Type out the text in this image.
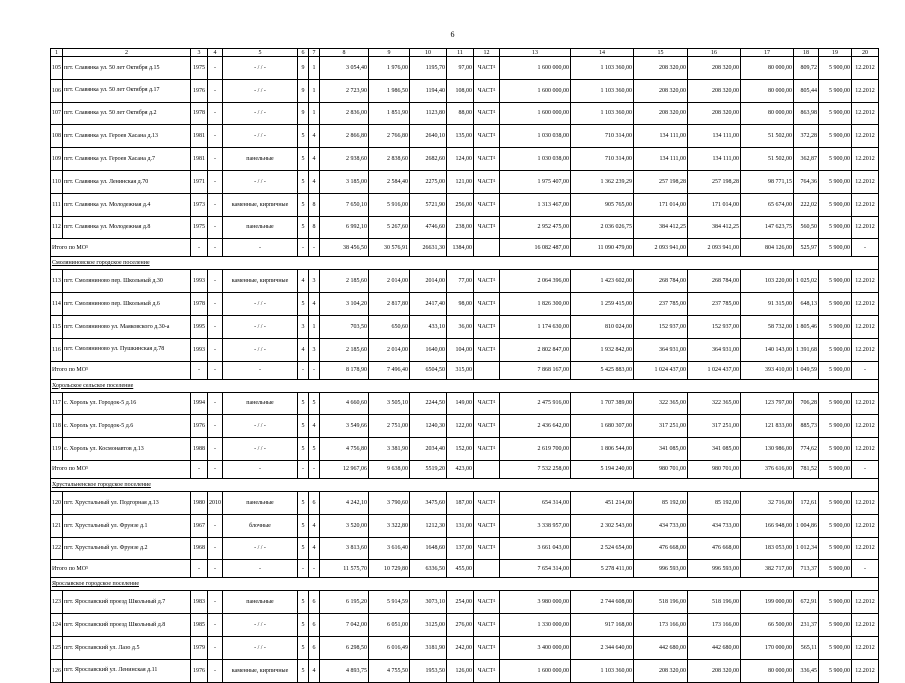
6
1	2	3	4	5	6	7	8	9	10	11	12	13	14	15	16	17	18	19	20
105	пгт. Славянка ул. 50 лет Октября д.15	1975	-	- / / -	9	1	3 054,40	1 976,00	1195,70	97,00	ЧАСТ$^4$	1 600 000,00	1 103 360,00	208 320,00	208 320,00	80 000,00	809,72	5 900,00	12.2012
106	пгт. Славянка ул. 50 лет Октября д.17	1976	-	- / / -	9	1	2 723,90	1 986,50	1194,40	108,00	ЧАСТ$^4$	1 600 000,00	1 103 360,00	208 320,00	208 320,00	80 000,00	805,44	5 900,00	12.2012
107	пгт. Славянка ул. 50 лет Октября д.2	1978	-	- / / -	9	1	2 836,00	1 851,90	1123,80	88,00	ЧАСТ$^4$	1 600 000,00	1 103 360,00	208 320,00	208 320,00	80 000,00	863,98	5 900,00	12.2012
108	пгт. Славянка ул. Героев Хасана д.13	1981	-	- / / -	5	4	2 866,80	2 766,80	2640,10	135,00	ЧАСТ$^4$	1 030 038,00	710 314,00	134 111,00	134 111,00	51 502,00	372,28	5 900,00	12.2012
109	пгт. Славянка ул. Героев Хасана д.7	1981	-	панельные	5	4	2 938,60	2 838,60	2682,60	124,00	ЧАСТ$^4$	1 030 038,00	710 314,00	134 111,00	134 111,00	51 502,00	362,87	5 900,00	12.2012
110	пгт. Славянка ул. Ленинская д.70	1971	-	- / / -	5	4	3 185,00	2 584,40	2275,00	121,00	ЧАСТ$^4$	1 975 407,00	1 362 239,29	257 198,28	257 198,28	98 771,15	764,36	5 900,00	12.2012
111	пгт. Славянка ул. Молодежная д.4	1973	-	каменные, кирпичные	5	8	7 650,10	5 916,00	5721,90	256,00	ЧАСТ$^4$	1 313 467,00	905 765,00	171 014,00	171 014,00	65 674,00	222,02	5 900,00	12.2012
112	пгт. Славянка ул. Молодежная д.8	1975	-	панельные	5	8	6 992,10	5 267,60	4746,60	238,00	ЧАСТ$^4$	2 952 475,00	2 036 026,75	384 412,25	384 412,25	147 623,75	560,50	5 900,00	12.2012
Итого по $МО^5$		-	-	-	-	-	38 456,50	30 576,91	26631,30	1384,00		16 082 487,00	11 090 479,00	2 093 941,00	2 093 941,00	804 126,00	525,97	5 900,00	-
Смоляниновское городское поселение																			
113	пгт. Смоляниново пер. Школьный д.30	1993	-	каменные, кирпичные	4	3	2 185,60	2 014,00	2014,00	77,00	ЧАСТ$^4$	2 064 396,00	1 423 602,00	268 784,00	268 784,00	103 220,00	1 025,02	5 900,00	12.2012
114	пгт. Смоляниново пер. Школьный д.6	1978	-	- / / -	5	4	3 104,20	2 817,80	2417,40	98,00	ЧАСТ$^4$	1 826 300,00	1 259 415,00	237 785,00	237 785,00	91 315,00	648,13	5 900,00	12.2012
115	пгт. Смоляниново ул. Маяковского д.30-а	1995	-	- / / -	3	1	703,50	650,60	433,10	36,00	ЧАСТ$^4$	1 174 630,00	810 024,00	152 937,00	152 937,00	58 732,00	1 805,46	5 900,00	12.2012
116	пгт. Смоляниново ул. Пушкинская д.78	1993	-	- / / -	4	3	2 185,60	2 014,00	1640,00	104,00	ЧАСТ$^4$	2 802 847,00	1 932 842,00	364 931,00	364 931,00	140 143,00	1 391,68	5 900,00	12.2012
Итого по $МО^5$		-	-	-	-	-	8 178,90	7 496,40	6504,50	315,00		7 868 167,00	5 425 883,00	1 024 437,00	1 024 437,00	393 410,00	1 049,59	5 900,00	-
Хорольское сельское поселение																			
117	с. Хороль ул. Городок-5 д.16	1994	-	панельные	5	5	4 660,60	3 505,10	2244,50	149,00	ЧАСТ$^4$	2 475 916,00	1 707 389,00	322 365,00	322 365,00	123 797,00	706,28	5 900,00	12.2012
118	с. Хороль ул. Городок-5 д.6	1976	-	- / / -	5	4	3 549,66	2 751,00	1240,30	122,00	ЧАСТ$^4$	2 436 642,00	1 680 307,00	317 251,00	317 251,00	121 833,00	885,73	5 900,00	12.2012
119	с. Хороль ул. Космонавтов д.13	1988	-	- / / -	5	5	4 756,80	3 381,90	2034,40	152,00	ЧАСТ$^4$	2 619 700,00	1 806 544,00	341 085,00	341 085,00	130 986,00	774,62	5 900,00	12.2012
Итого по $МО^5$		-	-	-	-	-	12 967,06	9 638,00	5519,20	423,00		7 532 258,00	5 194 240,00	980 701,00	980 701,00	376 616,00	781,52	5 900,00	-
Хрустальненское городское поселение																			
120	пгт. Хрустальный ул. Подгорная д.13	1980	2010	панельные	5	6	4 242,10	3 790,60	3475,60	187,00	ЧАСТ$^4$	654 314,00	451 214,00	85 192,00	85 192,00	32 716,00	172,61	5 900,00	12.2012
121	пгт. Хрустальный ул. Фрунзе д.1	1967	-	блочные	5	4	3 520,00	3 322,80	1212,30	131,00	ЧАСТ$^4$	3 338 957,00	2 302 543,00	434 733,00	434 733,00	166 948,00	1 004,86	5 900,00	12.2012
122	пгт. Хрустальный ул. Фрунзе д.2	1968	-	- / / -	5	4	3 813,60	3 616,40	1648,60	137,00	ЧАСТ$^4$	3 661 043,00	2 524 654,00	476 668,00	476 668,00	183 053,00	1 012,34	5 900,00	12.2012
Итого по $МО^5$		-	-	-	-	-	11 575,70	10 729,80	6336,50	455,00		7 654 314,00	5 278 411,00	996 593,00	996 593,00	382 717,00	713,37	5 900,00	-
Ярославское городское поселение																			
123	пгт. Ярославский проезд Школьный д.7	1983	-	панельные	5	6	6 195,20	5 914,59	3073,10	254,00	ЧАСТ$^4$	3 980 000,00	2 744 608,00	518 196,00	518 196,00	199 000,00	672,91	5 900,00	12.2012
124	пгт. Ярославский проезд Школьный д.8	1985	-	- / / -	5	6	7 042,00	6 051,00	3125,00	276,00	ЧАСТ$^4$	1 330 000,00	917 168,00	173 166,00	173 166,00	66 500,00	231,37	5 900,00	12.2012
125	пгт. Ярославский ул. Лазо д.5	1979	-	- / / -	5	6	6 298,50	6 016,49	3181,90	242,00	ЧАСТ$^4$	3 400 000,00	2 344 640,00	442 680,00	442 680,00	170 000,00	565,11	5 900,00	12.2012
126	пгт. Ярославский ул. Ленинская д.11	1976	-	каменные, кирпичные	5	4	4 893,75	4 755,50	1953,50	126,00	ЧАСТ$^4$	1 600 000,00	1 103 360,00	208 320,00	208 320,00	80 000,00	336,45	5 900,00	12.2012
